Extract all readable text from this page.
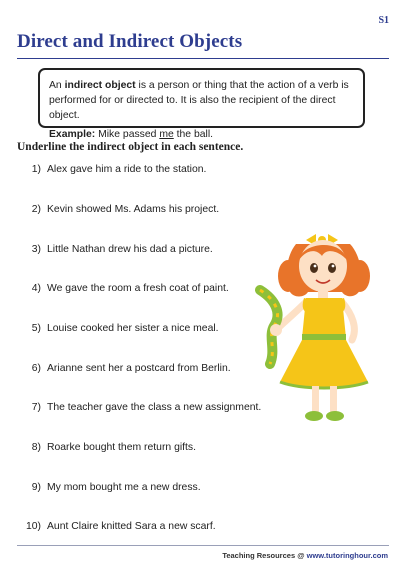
S1
Direct and Indirect Objects
An indirect object is a person or thing that the action of a verb is performed for or directed to. It is also the recipient of the direct object.
Example: Mike passed me the ball.
Underline the indirect object in each sentence.
1) Alex gave him a ride to the station.
2) Kevin showed Ms. Adams his project.
3) Little Nathan drew his dad a picture.
4) We gave the room a fresh coat of paint.
5) Louise cooked her sister a nice meal.
6) Arianne sent her a postcard from Berlin.
7) The teacher gave the class a new assignment.
8) Roarke bought them return gifts.
9) My mom bought me a new dress.
10) Aunt Claire knitted Sara a new scarf.
Teaching Resources @ www.tutoringhour.com
